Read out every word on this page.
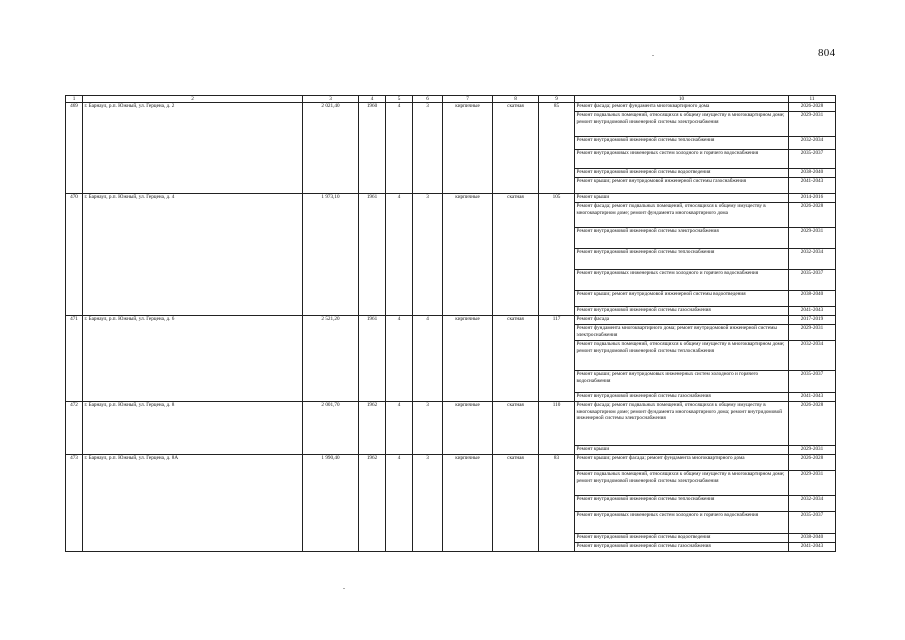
804
1	2	3	4	5	6	7	8	9	10	11
469	г. Барнаул, р.п. Южный, ул. Герцена, д. 2	2 021,40	1960	4	3	кирпичные	скатная	85	Ремонт фасада; ремонт фундамента многоквартирного дома	2026-2028
									Ремонт подвальных помещений, относящихся к общему имуществу в многоквартирном доме; ремонт внутридомовой инженерной системы электроснабжения	2029-2031
									Ремонт внутридомовой инженерной системы теплоснабжения	2032-2034
									Ремонт внутридомовых инженерных систем холодного и горячего водоснабжения	2035-2037
									Ремонт внутридомовой инженерной системы водоотведения	2038-2040
									Ремонт крыши; ремонт внутридомовой инженерной системы газоснабжения	2041-2043
470	г. Барнаул, р.п. Южный, ул. Герцена, д. 4	1 973,10	1961	4	3	кирпичные	скатная	105	Ремонт крыши	2014-2016
									Ремонт фасада; ремонт подвальных помещений, относящихся к общему имуществу в многоквартирном доме; ремонт фундамента многоквартирного дома	2026-2028
									Ремонт внутридомовой инженерной системы электроснабжения	2029-2031
									Ремонт внутридомовой инженерной системы теплоснабжения	2032-2034
									Ремонт внутридомовых инженерных систем холодного и горячего водоснабжения	2035-2037
									Ремонт крыши; ремонт внутридомовой инженерной системы водоотведения	2038-2040
									Ремонт внутридомовой инженерной системы газоснабжения	2041-2043
471	г. Барнаул, р.п. Южный, ул. Герцена, д. 6	2 521,20	1961	4	4	кирпичные	скатная	117	Ремонт фасада	2017-2019
									Ремонт фундамента многоквартирного дома; ремонт внутридомовой инженерной системы электроснабжения	2029-2031
									Ремонт подвальных помещений, относящихся к общему имуществу в многоквартирном доме; ремонт внутридомовой инженерной системы теплоснабжения	2032-2034
									Ремонт крыши; ремонт внутридомовых инженерных систем холодного и горячего водоснабжения	2035-2037
									Ремонт внутридомовой инженерной системы газоснабжения	2041-2043
472	г. Барнаул, р.п. Южный, ул. Герцена, д. 8	2 001,70	1962	4	3	кирпичные	скатная	110	Ремонт фасада; ремонт подвальных помещений, относящихся к общему имуществу в многоквартирном доме; ремонт фундамента многоквартирного дома; ремонт внутридомовой инженерной системы электроснабжения	2026-2028
									Ремонт крыши	2029-2031
473	г. Барнаул, р.п. Южный, ул. Герцена, д. 8А	1 990,40	1962	4	3	кирпичные	скатная	83	Ремонт крыши; ремонт фасада; ремонт фундамента многоквартирного дома	2026-2028
									Ремонт подвальных помещений, относящихся к общему имуществу в многоквартирном доме; ремонт внутридомовой инженерной системы электроснабжения	2029-2031
									Ремонт внутридомовой инженерной системы теплоснабжения	2032-2034
									Ремонт внутридомовых инженерных систем холодного и горячего водоснабжения	2035-2037
									Ремонт внутридомовой инженерной системы водоотведения	2038-2040
									Ремонт внутридомовой инженерной системы газоснабжения	2041-2043
